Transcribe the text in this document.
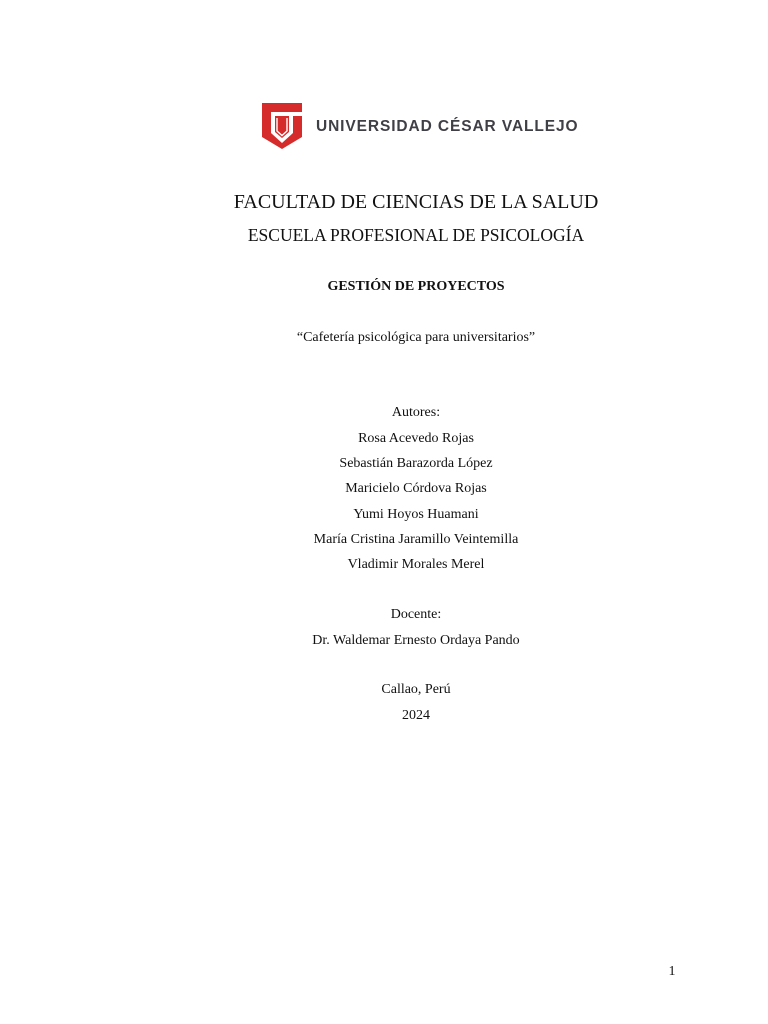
UNIVERSIDAD CÉSAR VALLEJO
FACULTAD DE CIENCIAS DE LA SALUD
ESCUELA PROFESIONAL DE PSICOLOGÍA
GESTIÓN DE PROYECTOS
“Cafetería psicológica para universitarios”
Autores:
Rosa Acevedo Rojas
Sebastián Barazorda López
Maricielo Córdova Rojas
Yumi Hoyos Huamani
María Cristina Jaramillo Veintemilla
Vladimir Morales Merel
Docente:
Dr. Waldemar Ernesto Ordaya Pando
Callao, Perú
2024
1
